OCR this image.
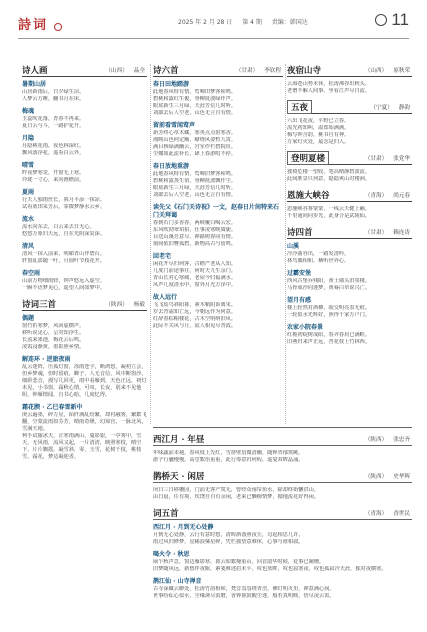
詩词	2025 年 2 月 28 日 第 4 期 责编：韩国达	11
诗人画	（山西） 晶全
暑期山居
山居新雨后，日夕绿生凉。
人梦云方睡，翻书月在床。
梅魂
玉蕊吹花落，青春不再来。
夏日云与斗，一路护花开。
月隐
月隐桃花雨，夜色林深红。
飘风落浮花，遥看白云外。
晴雪
昨夜梦寒觉，开窗无上寒。
玲珑一寸心，来向画檐前。
夏雨
行天人独雨丝长，暮月平添一抹凉。
试看蓝田采芳后，霏微梦静水云乡。
流水
流水向东去，白云来去日无心。
悠悠万象归天远，自在光阴深复深。
清风
清风一抹入前来，明媚青山伴碧台。
轩窗乱影随一叶，月圆叶节枝花开。
春空雨
山前万物细雨轻，钟声悠远入虚空。
一瞬不语梦见心，遥望人间如梦中。
诗词三首	（陕西） 杨毅
偶题
窗竹折寒梦，风回虚横声。
移听说见心，呈对知浮生。
长流来墨池，梅花云后鸣。
凌霞浸渐黄，墨影照乡情。
解连环 · 逆旅夜雨
乱云迷阵，压孤灯窗，冻雨苍宇，断鸿悠，凝初立会，但乡梦魂，但时留痕，蝉子，人无音信，风中断窗沙，细聆悲音，漫写几回更，雨中看雁到，天色正远，初灯未见，小书窗，霜秋心情，可叹，长夜，别来不见他阻，钟雁情闻，自书心暗，几度忆得。
霜花腴 · 乙巳春雪新中
庚云遍墨，碎万星，陌阡满乱纷繁，却衬融雾，繁絮飞翻，空蒙流雨如芬芳，晴雨奇隆，幻琼宫，一脉北风，雪满天地。
柯手试羅冰天，正寒雨满山，蔓影银，一亭雾中，雪天，无风雨，流风又起，一片清清，映照寒枝，晴空下，片片飘摇，凝雪斜，零，玉雪，花树千枝，桃枝雪，霜花，梦边凝迎香。
诗六首	（甘肃） 李钦程
春日田地踏游
此地春风特有情，莺啼田梦客和鸣。
碧桃和露红生俊，垂柳抚波绿作声。
眼底新生三月绿，天涯芳信几时听。
刘郎去后人空老，山色无言自有情。
留前看雪闻莺声
新芳终心草木藏，寒英点点射寒香。
漫映山色何定额，缭绕风姿暂九霄。
满目核绿满幽云，宫室作栏碧院垣。
尘娜如此流补长，肆上春游唱不停。
春日放地重游
此地春风特有情，莺啼旧梦客和鸣。
碧桃和露蒸生俏，垂柳抚波飘作尘。
眼底新生三月绿，天涯芳信几时听。
刘郎去后人空老，山色无言自有情。
读先父《石门关诗祝》一文，赵春日片间特来石门关拜谒
春到石门多香春，两峡覆白喝云宏。
东风吹彻翠珀拍，仕事凌寒映旖旎。
目送山溪芳意尽，禅路树春同有情。
刻间依旧瞥孤碧，新物高古与留鸣。
回老宅
闲花开尽归何客，古檐严老从人知。
几度门前途事往，何时天九生余门。
青山长对心寒痛，老屋今归福满水。
风声几度清水中，窗外月光万泽中。
故人远行
飞飞瑶鸟斜阳暮，素木鞘阴诉离朱。
岁去青霜知亡远，今朝远作为何意。
红辞春棕帽楼花，古木空明纳旧风。
此际不关风与月，寂人相见尽青霞。
夜宿山寺	（山西） 原秋荣
云海苍山势未休，松涛沸谷出秋头。
老僧不解人间事，坐看江声尽日流。
五夜	（宁夏） 静韵
六出飞花夜，平野已立春。
流光初知叫，温郑始满满。
梅写钟含韵，桃书自有神。
万家灯火处，最念是归人。
登明夏楼	（甘肃） 张党华
独倚危楼一望收，笔高晴静碧波流。
此间胜景只何意，隐隐爽山对楼洲。
恩施大峡谷	（青海） 尚元春
恩施峡谷雾蒙蒙，一线云天健上巅。
千里通间同步光，此身合是武陵仙。
诗四首	（甘肃） 赖连涛
山溪
冷冷曲谷出，一路发清吟。
林鸟偶相和，栖听世外心。
过霸安堡
西风古堡乔残阳，黄土墙头旧垒楼。
马骨成沙同迷梦，黄蓦白草说兴亡。
望月有感
楼上轮然对酒樽，皎交明亮表无痕。
一轮似水光辉好，照得千家万户门。
农家小院春景
红栀初绽树成阳，春齐春肩已满畦。
旧燕归来声正远，杏花枝上竹林西。
西江月 · 年昼	（陕西） 张忠齐
年味蔬前未褪，春风枝上先红，雪挤壁眉微清幽，随释青郁筑眺。
游子行囊慢慢，高堂絮语重重，此行筹意归何程，遥宴双眸晶涌。
鹊桥天 · 闲居	（陕西） 史华辉
闭日三日移栅园，门前无客产寞无，曾经众南帘鱼水，除却终街懒洪山。
由日晨，任有境，坎饶自自有余闲，老来已懒痴情梦，抛地流花好得闲。
词五首	（青海） 香世民
西江月 · 月到无心处静
月到无心处静，云行有意时悠，清晖洒落照夜丘，勾起相思几许。
雨过风归修梦，星稀浪愫星碎，凭栏独望意难休，心事与谁相叙。
喝火令 · 秋思
闹乍秋声急，窗边雁影寒，暮云如絮掩重山，回首韶华时候，花事已阑珊。
旧梦随风远，新愁伴夜眠，素笺难述眉未平，叹也蓝眸，叹也寂寒夜，叹也孤寂冷天涯，独对夜横寒。
鹊江仙 · 山寺禅音
古寺深藏云缈处，松涛竹韵相和，梵音袅袅绕青峦，佛灯明灭里，禅意满心间。
世事纷纭心似水，尘缘斋尽消磨，香钟暮鼓醒尘迷，般若真明映，悟尽凌云霄。
